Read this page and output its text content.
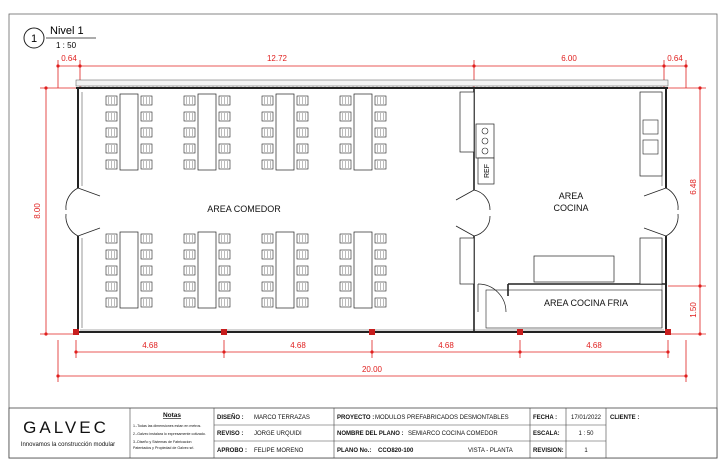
1
Nivel 1
1 : 50
0.64	12.72	6.00	0.64
8.00
6.48
1.50
4.68	4.68	4.68	4.68
20.00
REF
AREA COMEDOR
AREA
COCINA
AREA COCINA FRIA
GALVEC
Innovamos la construcción modular
Notas
1.-Todas las dimensiones estan en metros.
2.-Galvec instalara lo expresamente cotizado.
3.-Diseño y Sistemas de Fabricacion
Patentados y Propiedad de Galvec srl.
DISEÑO : MARCO TERRAZAS
REVISO : JORGE URQUIDI
APROBO : FELIPE MORENO
PROYECTO : MODULOS PREFABRICADOS DESMONTABLES
NOMBRE DEL PLANO : SEMIARCO COCINA COMEDOR
PLANO No.: CCO820-100	VISTA - PLANTA
FECHA : 17/01/2022
ESCALA:	1 : 50
REVISION:	1
CLIENTE :
